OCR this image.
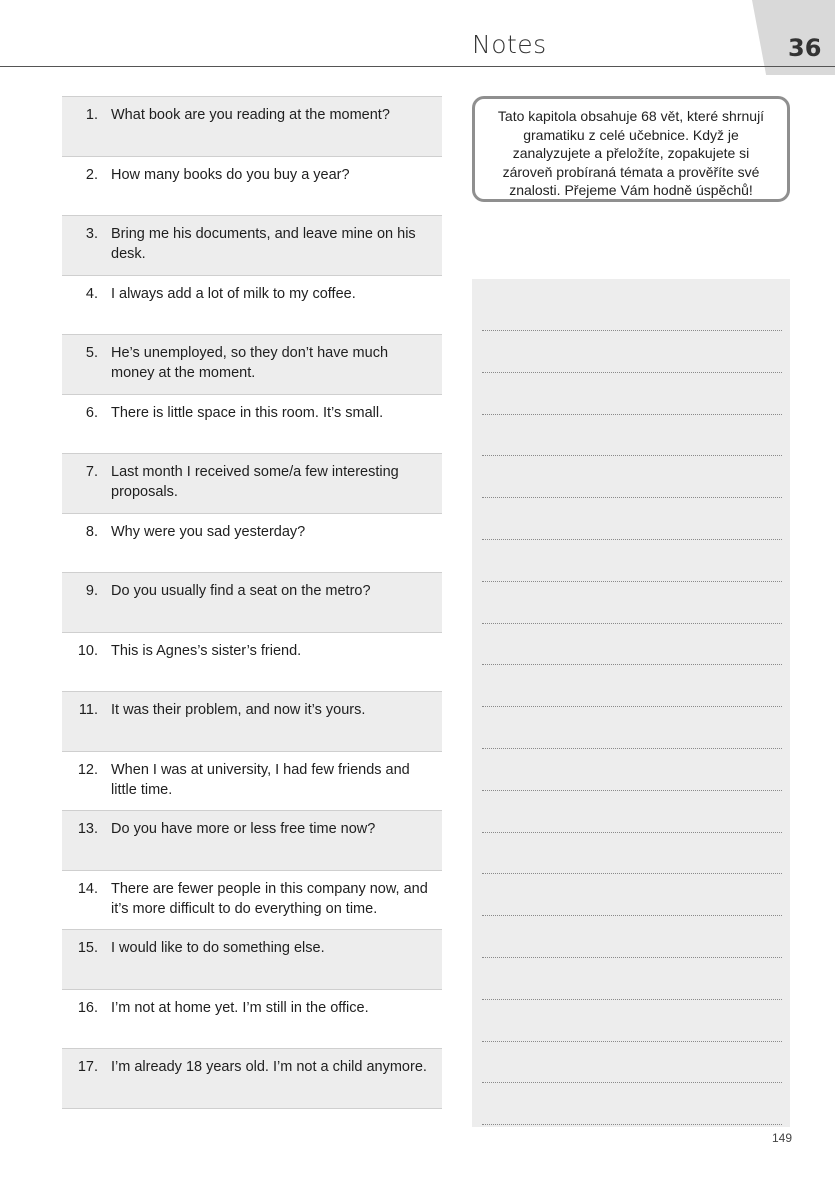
36
Notes
1. What book are you reading at the moment?
2. How many books do you buy a year?
3. Bring me his documents, and leave mine on his desk.
4. I always add a lot of milk to my coffee.
5. He’s unemployed, so they don’t have much money at the moment.
6. There is little space in this room. It’s small.
7. Last month I received some/a few interesting proposals.
8. Why were you sad yesterday?
9. Do you usually find a seat on the metro?
10. This is Agnes’s sister’s friend.
11. It was their problem, and now it’s yours.
12. When I was at university, I had few friends and little time.
13. Do you have more or less free time now?
14. There are fewer people in this company now, and it’s more difficult to do everything on time.
15. I would like to do something else.
16. I’m not at home yet. I’m still in the office.
17. I’m already 18 years old. I’m not a child anymore.
Tato kapitola obsahuje 68 vět, které shrnují gramatiku z celé učebnice. Když je zanalyzujete a přeložíte, zopakujete si zároveň probíraná témata a prověříte své znalosti. Přejeme Vám hodně úspěchů!
149
